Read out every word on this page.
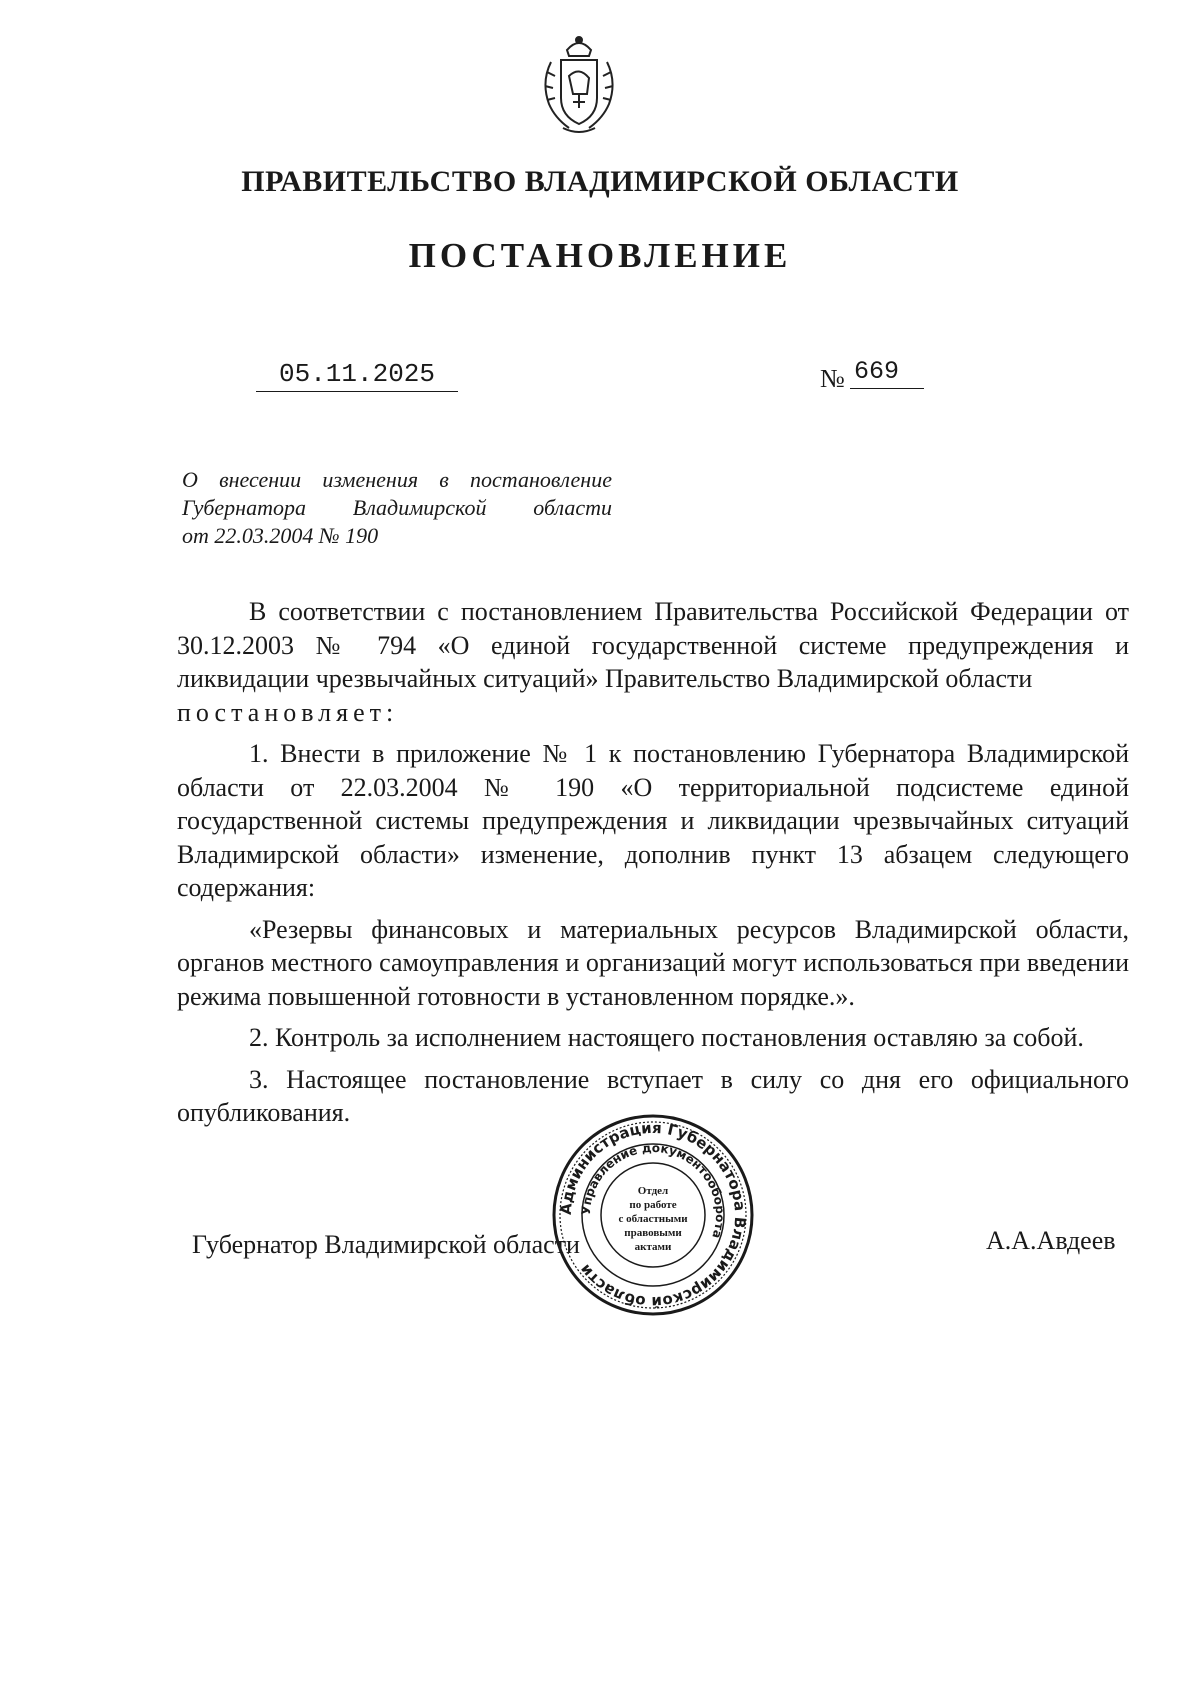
ПРАВИТЕЛЬСТВО ВЛАДИМИРСКОЙ ОБЛАСТИ
ПОСТАНОВЛЕНИЕ
05.11.2025	№ 669
О внесении изменения в постановление
Губернатора Владимирской области
от 22.03.2004 № 190

В соответствии с постановлением Правительства Российской Федерации от 30.12.2003 № 794 «О единой государственной системе предупреждения и ликвидации чрезвычайных ситуаций» Правительство Владимирской области
постановляет:

1. Внести в приложение № 1 к постановлению Губернатора Владимирской области от 22.03.2004 № 190 «О территориальной подсистеме единой государственной системы предупреждения и ликвидации чрезвычайных ситуаций Владимирской области» изменение, дополнив пункт 13 абзацем следующего содержания:

«Резервы финансовых и материальных ресурсов Владимирской области, органов местного самоуправления и организаций могут использоваться при введении режима повышенной готовности в установленном порядке.».

2. Контроль за исполнением настоящего постановления оставляю за собой.

3. Настоящее постановление вступает в силу со дня его официального опубликования.

Губернатор Владимирской области	А.А.Авдеев
Администрация Губернатора Владимирской области
Управление документооборота
Отдел
по работе
с областными
правовыми
актами
